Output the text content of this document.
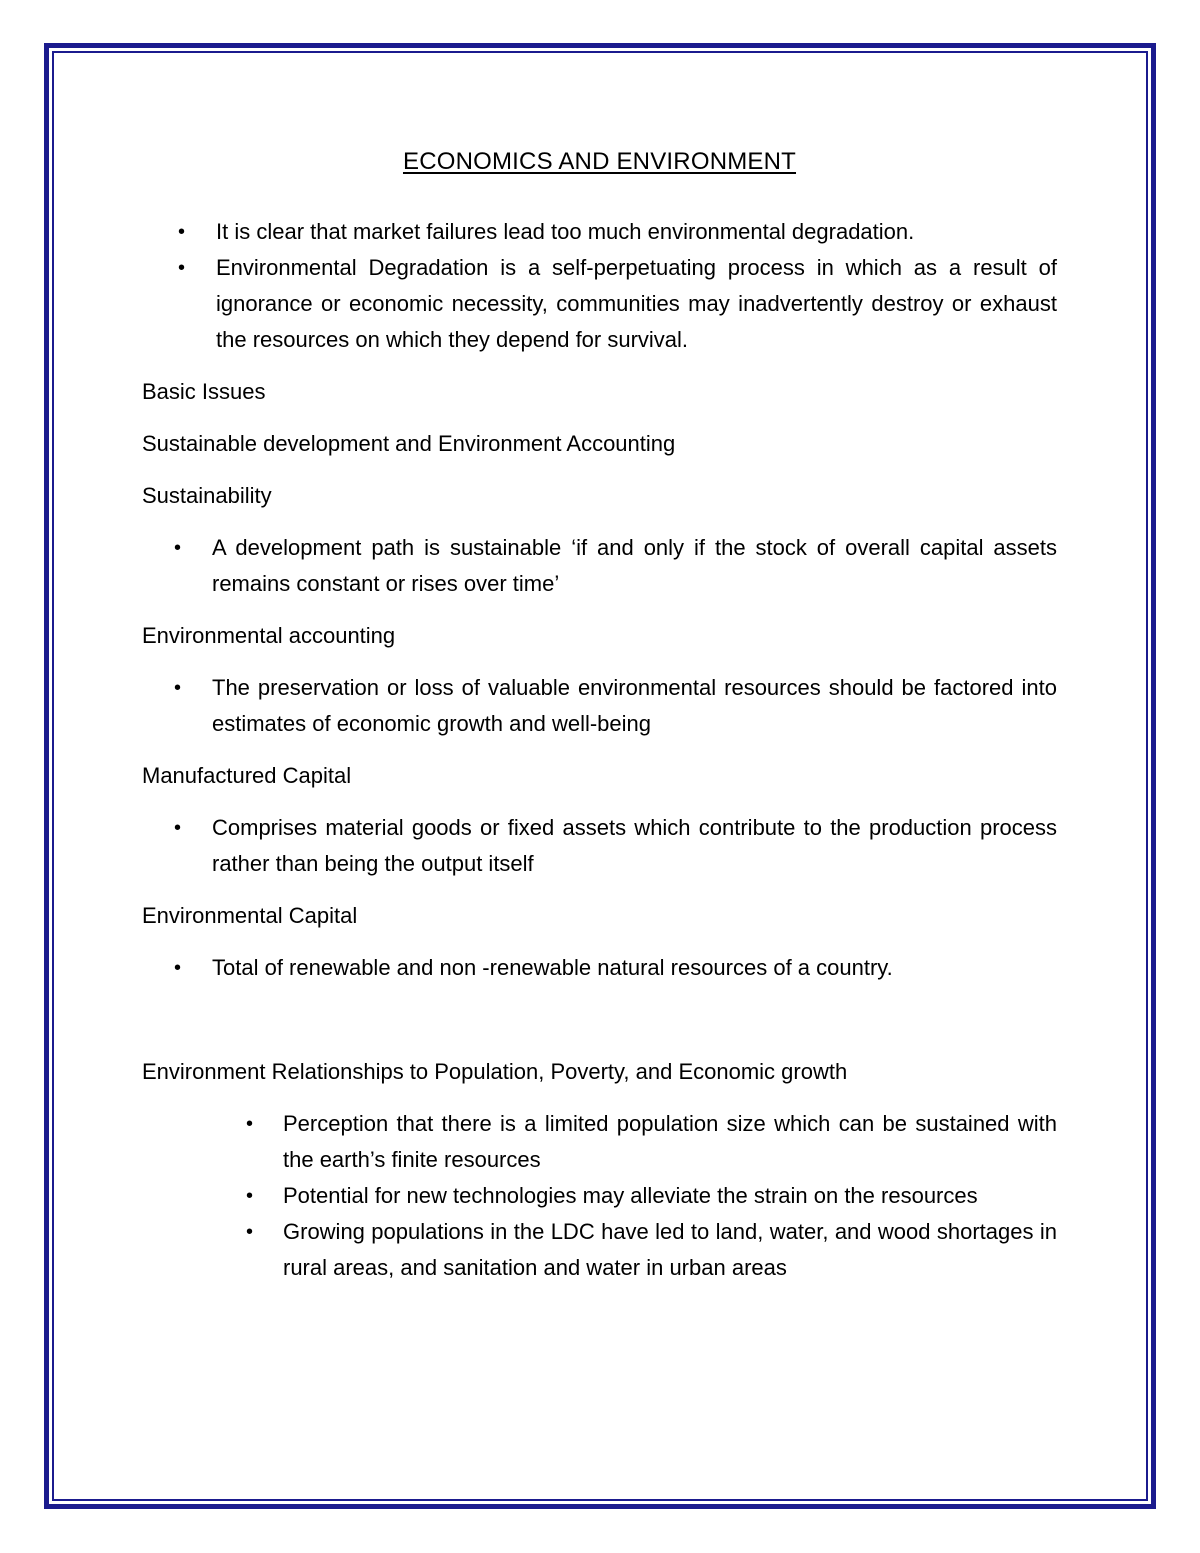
ECONOMICS AND ENVIRONMENT
• It is clear that market failures lead too much environmental degradation.
• Environmental Degradation is a self-perpetuating process in which as a result of ignorance or economic necessity, communities may inadvertently destroy or exhaust the resources on which they depend for survival.

Basic Issues

Sustainable development and Environment Accounting

Sustainability

• A development path is sustainable ‘if and only if the stock of overall capital assets remains constant or rises over time’

Environmental accounting

• The preservation or loss of valuable environmental resources should be factored into estimates of economic growth and well-being

Manufactured Capital

• Comprises material goods or fixed assets which contribute to the production process rather than being the output itself

Environmental Capital

• Total of renewable and non -renewable natural resources of a country.

Environment Relationships to Population, Poverty, and Economic growth

• Perception that there is a limited population size which can be sustained with the earth’s finite resources
• Potential for new technologies may alleviate the strain on the resources
• Growing populations in the LDC have led to land, water, and wood shortages in rural areas, and sanitation and water in urban areas
